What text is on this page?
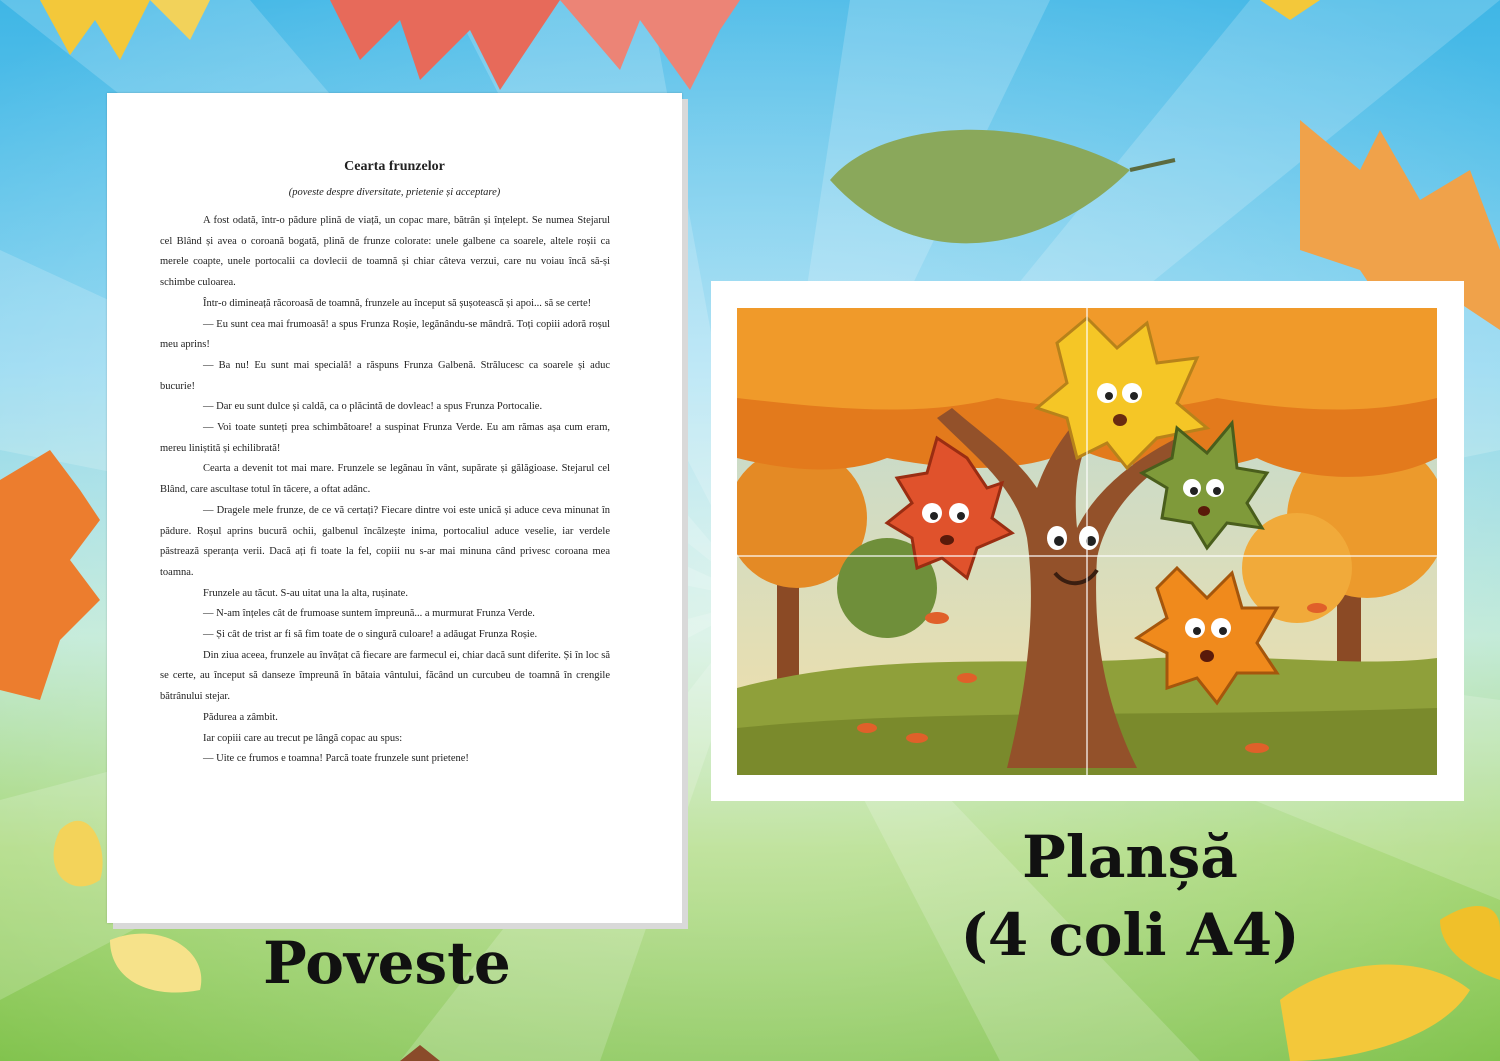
Cearta frunzelor
(poveste despre diversitate, prietenie și acceptare)

A fost odată, într-o pădure plină de viață, un copac mare, bătrân și înțelept. Se numea Stejarul cel Blând și avea o coroană bogată, plină de frunze colorate: unele galbene ca soarele, altele roșii ca merele coapte, unele portocalii ca dovlecii de toamnă și chiar câteva verzui, care nu voiau încă să-și schimbe culoarea.

Într-o dimineață răcoroasă de toamnă, frunzele au început să șușotească și apoi... să se certe!

— Eu sunt cea mai frumoasă! a spus Frunza Roșie, legănându-se mândră. Toți copiii adoră roșul meu aprins!

— Ba nu! Eu sunt mai specială! a răspuns Frunza Galbenă. Strălucesc ca soarele și aduc bucurie!

— Dar eu sunt dulce și caldă, ca o plăcintă de dovleac! a spus Frunza Portocalie.

— Voi toate sunteți prea schimbătoare! a suspinat Frunza Verde. Eu am rămas așa cum eram, mereu liniștită și echilibrată!

Cearta a devenit tot mai mare. Frunzele se legănau în vânt, supărate și gălăgioase. Stejarul cel Blând, care ascultase totul în tăcere, a oftat adânc.

— Dragele mele frunze, de ce vă certați? Fiecare dintre voi este unică și aduce ceva minunat în pădure. Roșul aprins bucură ochii, galbenul încălzește inima, portocaliul aduce veselie, iar verdele păstrează speranța verii. Dacă ați fi toate la fel, copiii nu s-ar mai minuna când privesc coroana mea toamna.

Frunzele au tăcut. S-au uitat una la alta, rușinate.

— N-am înțeles cât de frumoase suntem împreună... a murmurat Frunza Verde.

— Și cât de trist ar fi să fim toate de o singură culoare! a adăugat Frunza Roșie.

Din ziua aceea, frunzele au învățat că fiecare are farmecul ei, chiar dacă sunt diferite. Și în loc să se certe, au început să danseze împreună în bătaia vântului, făcând un curcubeu de toamnă în crengile bătrânului stejar.

Pădurea a zâmbit.

Iar copiii care au trecut pe lângă copac au spus:

— Uite ce frumos e toamna! Parcă toate frunzele sunt prietene!

Poveste
Planșă
(4 coli A4)
